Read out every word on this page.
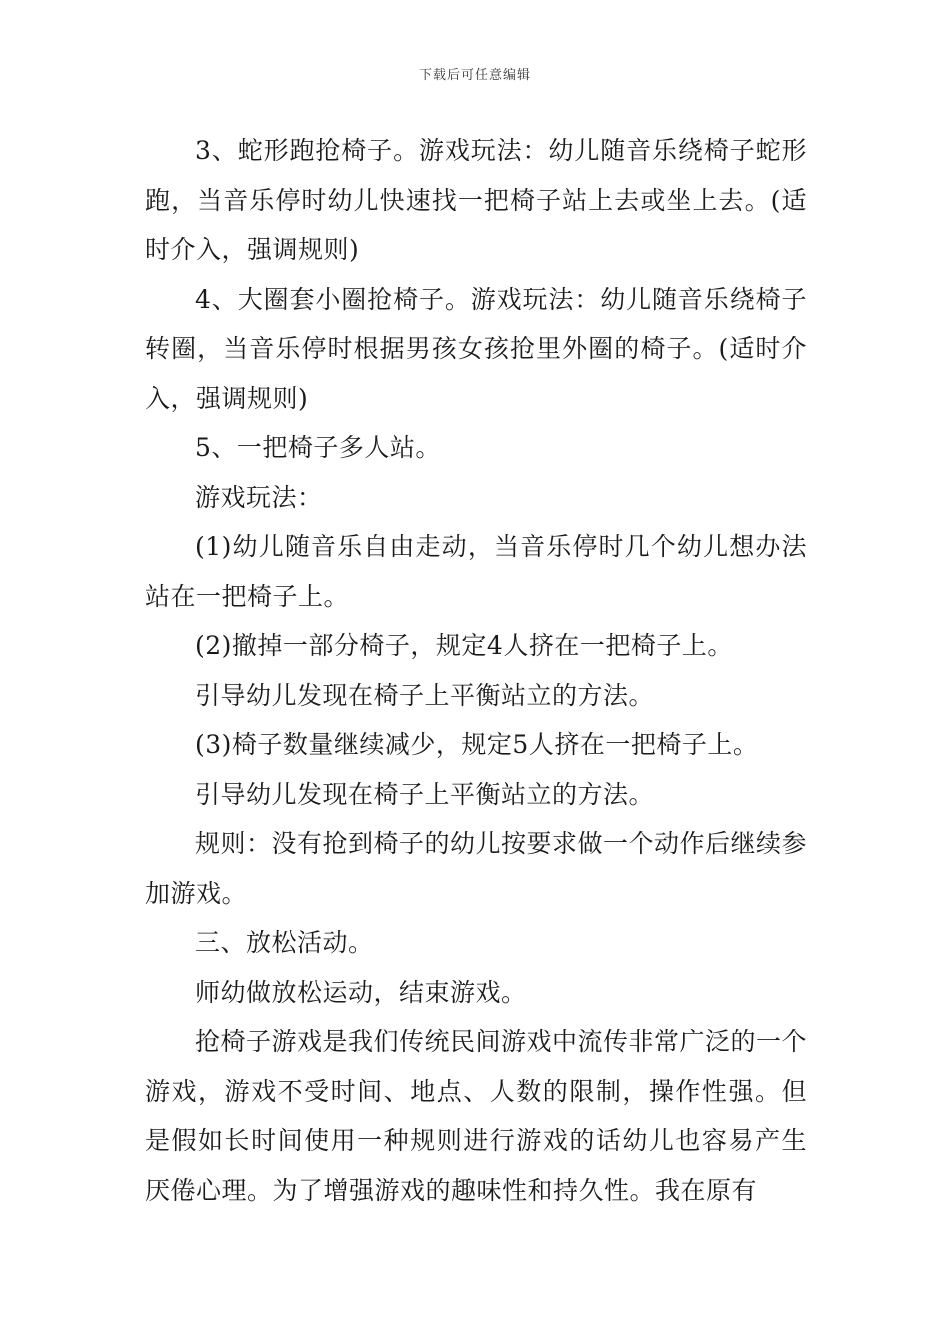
下载后可任意编辑

3、蛇形跑抢椅子。游戏玩法：幼儿随音乐绕椅子蛇形跑，当音乐停时幼儿快速找一把椅子站上去或坐上去。(适时介入，强调规则)

4、大圈套小圈抢椅子。游戏玩法：幼儿随音乐绕椅子转圈，当音乐停时根据男孩女孩抢里外圈的椅子。(适时介入，强调规则)

5、一把椅子多人站。

游戏玩法：

(1)幼儿随音乐自由走动，当音乐停时几个幼儿想办法站在一把椅子上。

(2)撤掉一部分椅子，规定4人挤在一把椅子上。

引导幼儿发现在椅子上平衡站立的方法。

(3)椅子数量继续减少，规定5人挤在一把椅子上。

引导幼儿发现在椅子上平衡站立的方法。

规则：没有抢到椅子的幼儿按要求做一个动作后继续参加游戏。

三、放松活动。

师幼做放松运动，结束游戏。

抢椅子游戏是我们传统民间游戏中流传非常广泛的一个游戏，游戏不受时间、地点、人数的限制，操作性强。但是假如长时间使用一种规则进行游戏的话幼儿也容易产生厌倦心理。为了增强游戏的趣味性和持久性。我在原有
